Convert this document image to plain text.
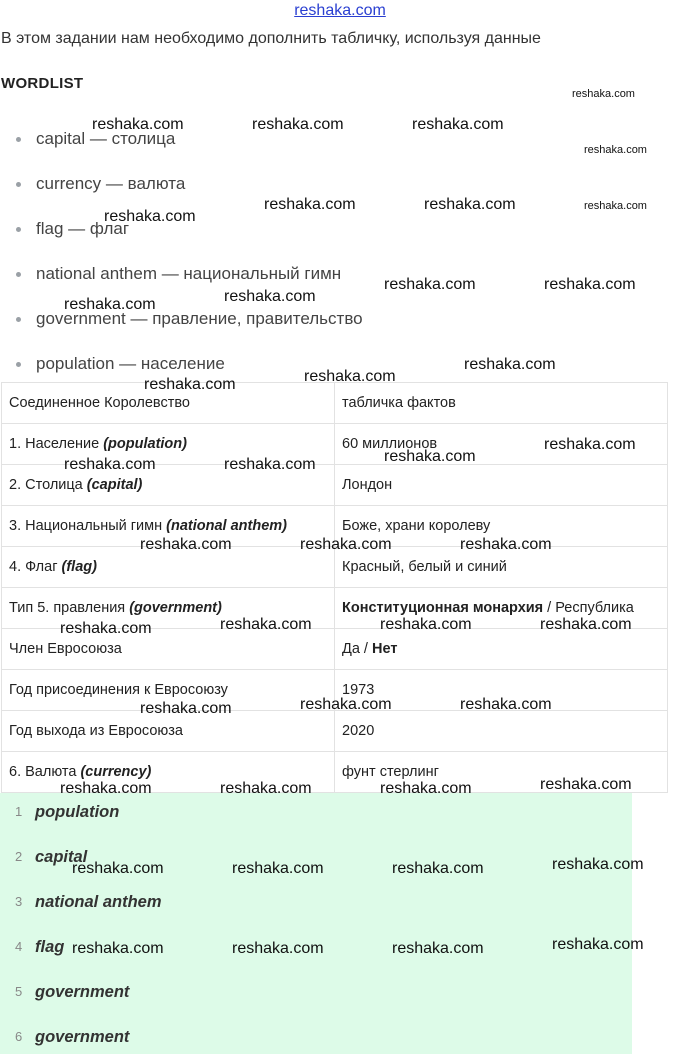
reshaka.com
В этом задании нам необходимо дополнить табличку, используя данные
WORDLIST
capital — столица
currency — валюта
flag — флаг
national anthem — национальный гимн
government — правление, правительство
population — население
Соединенное Королевство	табличка фактов
1. Население (population)	60 миллионов
2. Столица (capital)	Лондон
3. Национальный гимн (national anthem)	Боже, храни королеву
4. Флаг (flag)	Красный, белый и синий
Тип 5. правления (government)	Конституционная монархия / Республика
Член Евросоюза	Да / Нет
Год присоединения к Евросоюзу	1973
Год выхода из Евросоюза	2020
6. Валюта (currency)	фунт стерлинг
1 population
2 capital
3 national anthem
4 flag
5 government
6 government
reshaka.com
reshaka.com	reshaka.com	reshaka.com
reshaka.com
reshaka.com
reshaka.com	reshaka.com	reshaka.com
reshaka.com	reshaka.com
reshaka.com
reshaka.com
reshaka.com
reshaka.com
reshaka.com
reshaka.com
reshaka.com
reshaka.com	reshaka.com
reshaka.com	reshaka.com	reshaka.com
reshaka.com	reshaka.com	reshaka.com	reshaka.com
reshaka.com	reshaka.com	reshaka.com
reshaka.com
reshaka.com	reshaka.com	reshaka.com
reshaka.com	reshaka.com	reshaka.com	reshaka.com
reshaka.com	reshaka.com	reshaka.com	reshaka.com
